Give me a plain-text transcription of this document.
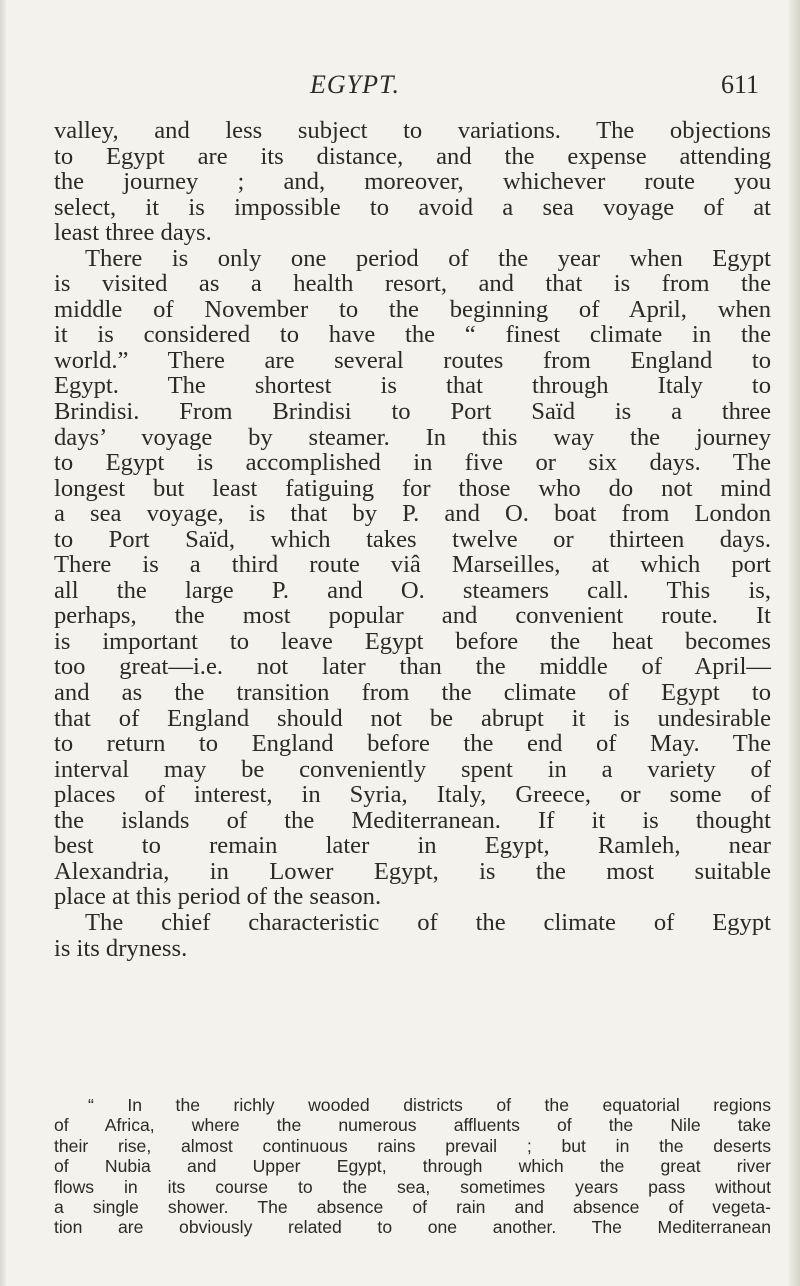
EGYPT.	611
valley, and less subject to variations. The objections
to Egypt are its distance, and the expense attending
the journey ; and, moreover, whichever route you
select, it is impossible to avoid a sea voyage of at
least three days.
There is only one period of the year when Egypt
is visited as a health resort, and that is from the
middle of November to the beginning of April, when
it is considered to have the “ finest climate in the
world.” There are several routes from England to
Egypt. The shortest is that through Italy to
Brindisi. From Brindisi to Port Saïd is a three
days’ voyage by steamer. In this way the journey
to Egypt is accomplished in five or six days. The
longest but least fatiguing for those who do not mind
a sea voyage, is that by P. and O. boat from London
to Port Saïd, which takes twelve or thirteen days.
There is a third route viâ Marseilles, at which port
all the large P. and O. steamers call. This is,
perhaps, the most popular and convenient route. It
is important to leave Egypt before the heat becomes
too great—i.e. not later than the middle of April—
and as the transition from the climate of Egypt to
that of England should not be abrupt it is undesirable
to return to England before the end of May. The
interval may be conveniently spent in a variety of
places of interest, in Syria, Italy, Greece, or some of
the islands of the Mediterranean. If it is thought
best to remain later in Egypt, Ramleh, near
Alexandria, in Lower Egypt, is the most suitable
place at this period of the season.
The chief characteristic of the climate of Egypt
is its dryness.
“ In the richly wooded districts of the equatorial regions
of Africa, where the numerous affluents of the Nile take
their rise, almost continuous rains prevail ; but in the deserts
of Nubia and Upper Egypt, through which the great river
flows in its course to the sea, sometimes years pass without
a single shower. The absence of rain and absence of vegeta-
tion are obviously related to one another. The Mediterranean
